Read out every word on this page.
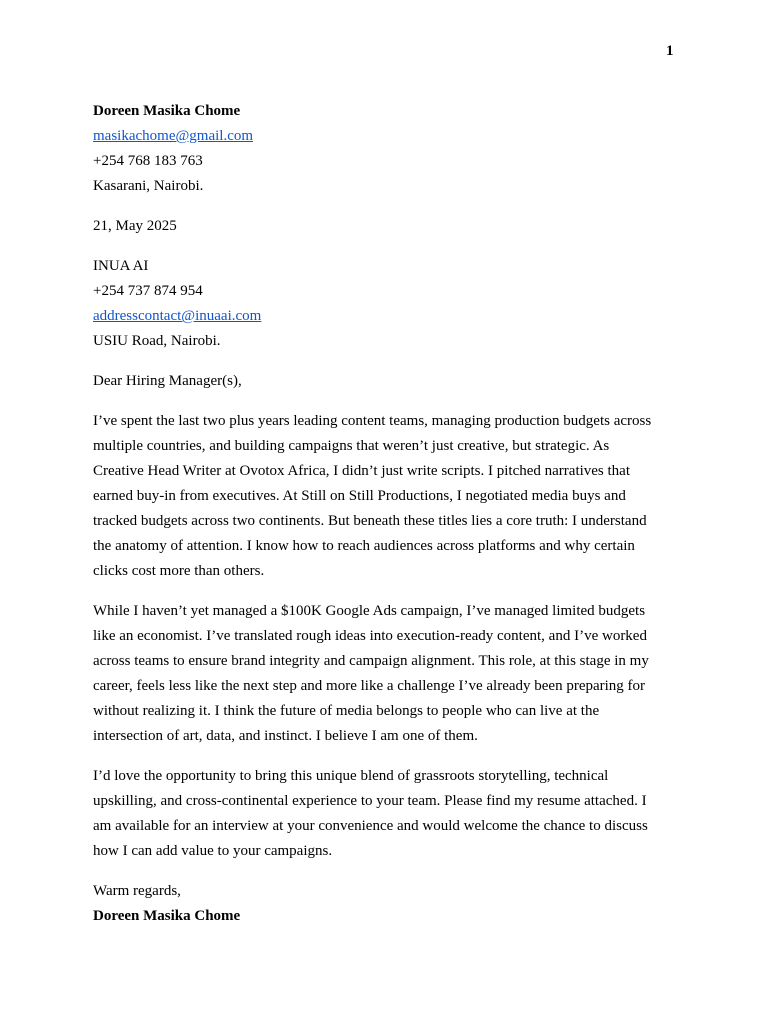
1
Doreen Masika Chome
masikachome@gmail.com
+254 768 183 763
Kasarani, Nairobi.
21, May 2025
INUA AI
+254 737 874 954
addresscontact@inuaai.com
USIU Road, Nairobi.
Dear Hiring Manager(s),
I’ve spent the last two plus years leading content teams, managing production budgets across
multiple countries, and building campaigns that weren’t just creative, but strategic. As
Creative Head Writer at Ovotox Africa, I didn’t just write scripts. I pitched narratives that
earned buy-in from executives. At Still on Still Productions, I negotiated media buys and
tracked budgets across two continents. But beneath these titles lies a core truth: I understand
the anatomy of attention. I know how to reach audiences across platforms and why certain
clicks cost more than others.
While I haven’t yet managed a $100K Google Ads campaign, I’ve managed limited budgets
like an economist. I’ve translated rough ideas into execution-ready content, and I’ve worked
across teams to ensure brand integrity and campaign alignment. This role, at this stage in my
career, feels less like the next step and more like a challenge I’ve already been preparing for
without realizing it. I think the future of media belongs to people who can live at the
intersection of art, data, and instinct. I believe I am one of them.
I’d love the opportunity to bring this unique blend of grassroots storytelling, technical
upskilling, and cross-continental experience to your team. Please find my resume attached. I
am available for an interview at your convenience and would welcome the chance to discuss
how I can add value to your campaigns.
Warm regards,
Doreen Masika Chome
